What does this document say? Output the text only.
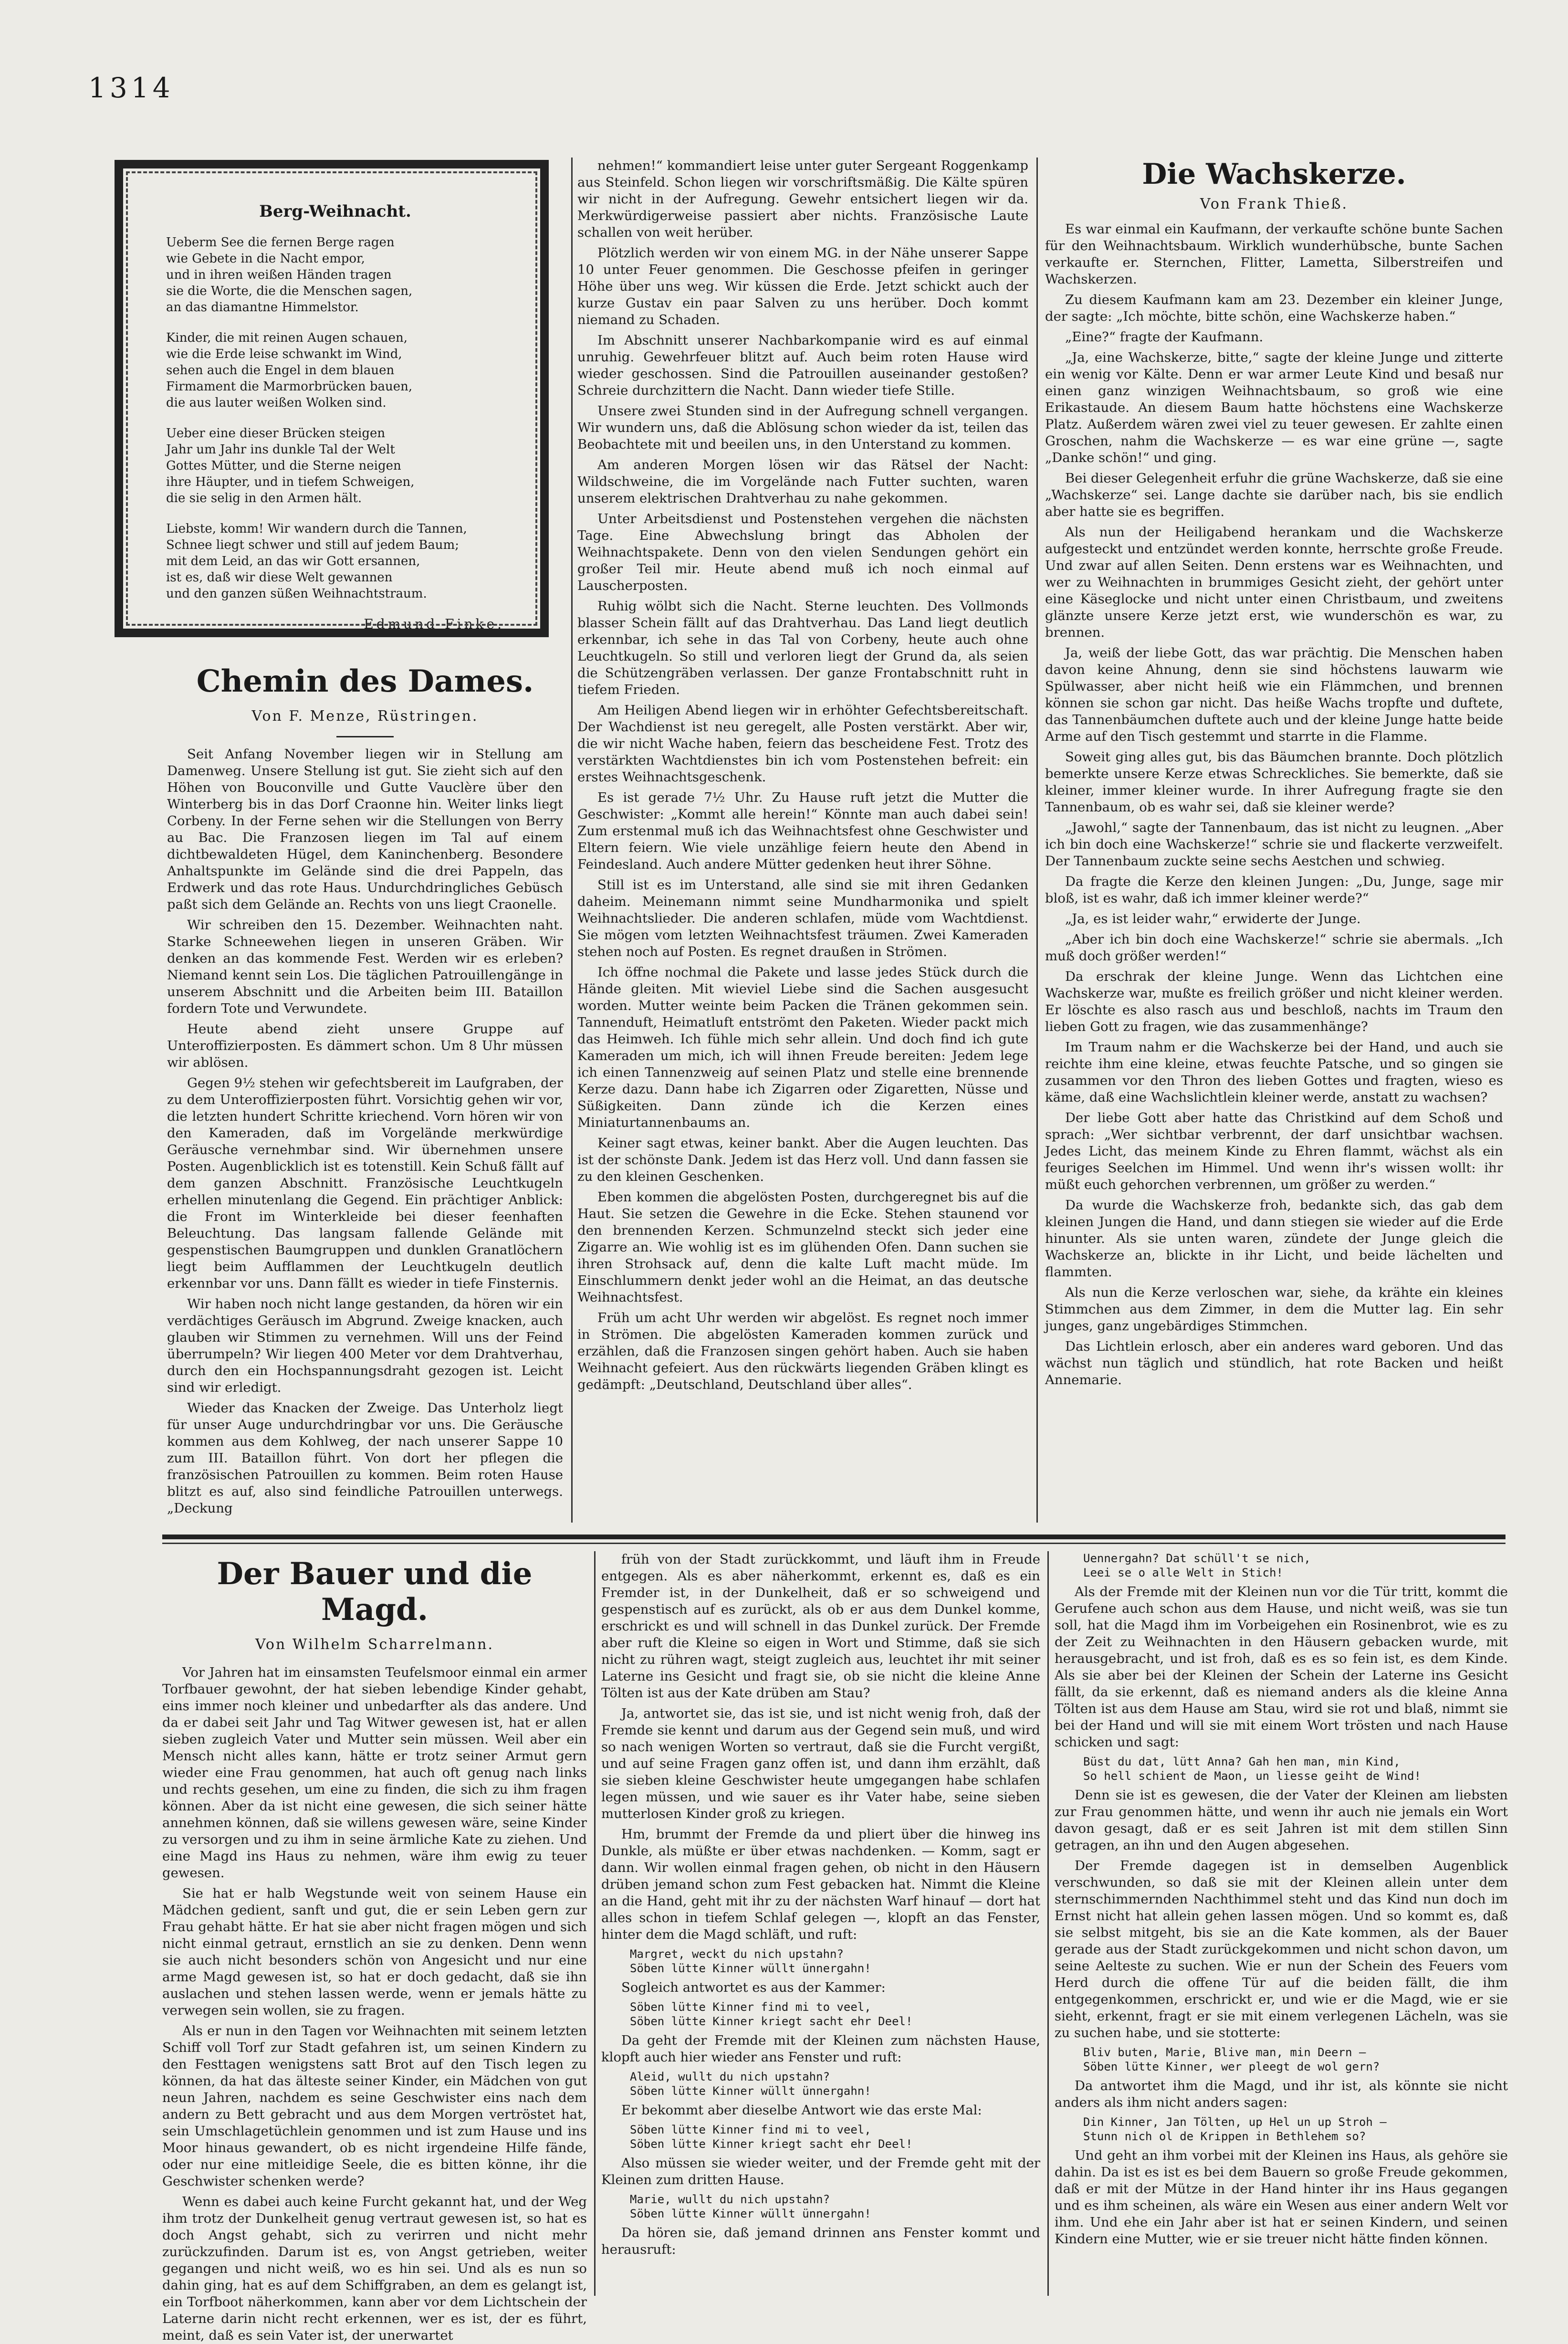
1314
Berg-Weihnacht.
Ueberm See die fernen Berge ragen
wie Gebete in die Nacht empor,
und in ihren weißen Händen tragen
sie die Worte, die die Menschen sagen,
an das diamantne Himmelstor.
Kinder, die mit reinen Augen schauen,
wie die Erde leise schwankt im Wind,
sehen auch die Engel in dem blauen
Firmament die Marmorbrücken bauen,
die aus lauter weißen Wolken sind.
Ueber eine dieser Brücken steigen
Jahr um Jahr ins dunkle Tal der Welt
Gottes Mütter, und die Sterne neigen
ihre Häupter, und in tiefem Schweigen,
die sie selig in den Armen hält.
Liebste, komm! Wir wandern durch die Tannen,
Schnee liegt schwer und still auf jedem Baum;
mit dem Leid, an das wir Gott ersannen,
ist es, daß wir diese Welt gewannen
und den ganzen süßen Weihnachtstraum.
Edmund Finke.
Chemin des Dames.
Von F. Menze, Rüstringen.

Seit Anfang November liegen wir in Stellung am Damenweg. Unsere Stellung ist gut. Sie zieht sich auf den Höhen von Bouconville und Gutte Vauclère über den Winterberg bis in das Dorf Craonne hin. Weiter links liegt Corbeny. In der Ferne sehen wir die Stellungen von Berry au Bac. Die Franzosen liegen im Tal auf einem dichtbewaldeten Hügel, dem Kaninchenberg. Besondere Anhaltspunkte im Gelände sind die drei Pappeln, das Erdwerk und das rote Haus. Undurchdringliches Gebüsch paßt sich dem Gelände an. Rechts von uns liegt Craonelle.

Wir schreiben den 15. Dezember. Weihnachten naht. Starke Schneewehen liegen in unseren Gräben. Wir denken an das kommende Fest. Werden wir es erleben? Niemand kennt sein Los. Die täglichen Patrouillengänge in unserem Abschnitt und die Arbeiten beim III. Bataillon fordern Tote und Verwundete.

Heute abend zieht unsere Gruppe auf Unteroffizierposten. Es dämmert schon. Um 8 Uhr müssen wir ablösen.

Gegen 9½ stehen wir gefechtsbereit im Laufgraben, der zu dem Unteroffizierposten führt. Vorsichtig gehen wir vor, die letzten hundert Schritte kriechend. Vorn hören wir von den Kameraden, daß im Vorgelände merkwürdige Geräusche vernehmbar sind. Wir übernehmen unsere Posten. Augenblicklich ist es totenstill. Kein Schuß fällt auf dem ganzen Abschnitt. Französische Leuchtkugeln erhellen minutenlang die Gegend. Ein prächtiger Anblick: die Front im Winterkleide bei dieser feenhaften Beleuchtung. Das langsam fallende Gelände mit gespenstischen Baumgruppen und dunklen Granatlöchern liegt beim Aufflammen der Leuchtkugeln deutlich erkennbar vor uns. Dann fällt es wieder in tiefe Finsternis.

Wir haben noch nicht lange gestanden, da hören wir ein verdächtiges Geräusch im Abgrund. Zweige knacken, auch glauben wir Stimmen zu vernehmen. Will uns der Feind überrumpeln? Wir liegen 400 Meter vor dem Drahtverhau, durch den ein Hochspannungsdraht gezogen ist. Leicht sind wir erledigt.

Wieder das Knacken der Zweige. Das Unterholz liegt für unser Auge undurchdringbar vor uns. Die Geräusche kommen aus dem Kohlweg, der nach unserer Sappe 10 zum III. Bataillon führt. Von dort her pflegen die französischen Patrouillen zu kommen. Beim roten Hause blitzt es auf, also sind feindliche Patrouillen unterwegs. „Deckung

nehmen!“ kommandiert leise unter guter Sergeant Roggenkamp aus Steinfeld. Schon liegen wir vorschriftsmäßig. Die Kälte spüren wir nicht in der Aufregung. Gewehr entsichert liegen wir da. Merkwürdigerweise passiert aber nichts. Französische Laute schallen von weit herüber.

Plötzlich werden wir von einem MG. in der Nähe unserer Sappe 10 unter Feuer genommen. Die Geschosse pfeifen in geringer Höhe über uns weg. Wir küssen die Erde. Jetzt schickt auch der kurze Gustav ein paar Salven zu uns herüber. Doch kommt niemand zu Schaden.

Im Abschnitt unserer Nachbarkompanie wird es auf einmal unruhig. Gewehrfeuer blitzt auf. Auch beim roten Hause wird wieder geschossen. Sind die Patrouillen auseinander gestoßen? Schreie durchzittern die Nacht. Dann wieder tiefe Stille.

Unsere zwei Stunden sind in der Aufregung schnell vergangen. Wir wundern uns, daß die Ablösung schon wieder da ist, teilen das Beobachtete mit und beeilen uns, in den Unterstand zu kommen.

Am anderen Morgen lösen wir das Rätsel der Nacht: Wildschweine, die im Vorgelände nach Futter suchten, waren unserem elektrischen Drahtverhau zu nahe gekommen.

Unter Arbeitsdienst und Postenstehen vergehen die nächsten Tage. Eine Abwechslung bringt das Abholen der Weihnachtspakete. Denn von den vielen Sendungen gehört ein großer Teil mir. Heute abend muß ich noch einmal auf Lauscherposten.

Ruhig wölbt sich die Nacht. Sterne leuchten. Des Vollmonds blasser Schein fällt auf das Drahtverhau. Das Land liegt deutlich erkennbar, ich sehe in das Tal von Corbeny, heute auch ohne Leuchtkugeln. So still und verloren liegt der Grund da, als seien die Schützengräben verlassen. Der ganze Frontabschnitt ruht in tiefem Frieden.

Am Heiligen Abend liegen wir in erhöhter Gefechtsbereitschaft. Der Wachdienst ist neu geregelt, alle Posten verstärkt. Aber wir, die wir nicht Wache haben, feiern das bescheidene Fest. Trotz des verstärkten Wachtdienstes bin ich vom Postenstehen befreit: ein erstes Weihnachtsgeschenk.

Es ist gerade 7½ Uhr. Zu Hause ruft jetzt die Mutter die Geschwister: „Kommt alle herein!“ Könnte man auch dabei sein! Zum erstenmal muß ich das Weihnachtsfest ohne Geschwister und Eltern feiern. Wie viele unzählige feiern heute den Abend in Feindesland. Auch andere Mütter gedenken heut ihrer Söhne.

Still ist es im Unterstand, alle sind sie mit ihren Gedanken daheim. Meinemann nimmt seine Mundharmonika und spielt Weihnachtslieder. Die anderen schlafen, müde vom Wachtdienst. Sie mögen vom letzten Weihnachtsfest träumen. Zwei Kameraden stehen noch auf Posten. Es regnet draußen in Strömen.

Ich öffne nochmal die Pakete und lasse jedes Stück durch die Hände gleiten. Mit wieviel Liebe sind die Sachen ausgesucht worden. Mutter weinte beim Packen die Tränen gekommen sein. Tannenduft, Heimatluft entströmt den Paketen. Wieder packt mich das Heimweh. Ich fühle mich sehr allein. Und doch find ich gute Kameraden um mich, ich will ihnen Freude bereiten: Jedem lege ich einen Tannenzweig auf seinen Platz und stelle eine brennende Kerze dazu. Dann habe ich Zigarren oder Zigaretten, Nüsse und Süßigkeiten. Dann zünde ich die Kerzen eines Miniaturtannenbaums an.

Keiner sagt etwas, keiner bankt. Aber die Augen leuchten. Das ist der schönste Dank. Jedem ist das Herz voll. Und dann fassen sie zu den kleinen Geschenken.

Eben kommen die abgelösten Posten, durchgeregnet bis auf die Haut. Sie setzen die Gewehre in die Ecke. Stehen staunend vor den brennenden Kerzen. Schmunzelnd steckt sich jeder eine Zigarre an. Wie wohlig ist es im glühenden Ofen. Dann suchen sie ihren Strohsack auf, denn die kalte Luft macht müde. Im Einschlummern denkt jeder wohl an die Heimat, an das deutsche Weihnachtsfest.

Früh um acht Uhr werden wir abgelöst. Es regnet noch immer in Strömen. Die abgelösten Kameraden kommen zurück und erzählen, daß die Franzosen singen gehört haben. Auch sie haben Weihnacht gefeiert. Aus den rückwärts liegenden Gräben klingt es gedämpft: „Deutschland, Deutschland über alles“.

Die Wachskerze.
Von Frank Thieß.

Es war einmal ein Kaufmann, der verkaufte schöne bunte Sachen für den Weihnachtsbaum. Wirklich wunderhübsche, bunte Sachen verkaufte er. Sternchen, Flitter, Lametta, Silberstreifen und Wachskerzen.

Zu diesem Kaufmann kam am 23. Dezember ein kleiner Junge, der sagte: „Ich möchte, bitte schön, eine Wachskerze haben.“

„Eine?“ fragte der Kaufmann.

„Ja, eine Wachskerze, bitte,“ sagte der kleine Junge und zitterte ein wenig vor Kälte. Denn er war armer Leute Kind und besaß nur einen ganz winzigen Weihnachtsbaum, so groß wie eine Erikastaude. An diesem Baum hatte höchstens eine Wachskerze Platz. Außerdem wären zwei viel zu teuer gewesen. Er zahlte einen Groschen, nahm die Wachskerze — es war eine grüne —, sagte „Danke schön!“ und ging.

Bei dieser Gelegenheit erfuhr die grüne Wachskerze, daß sie eine „Wachskerze“ sei. Lange dachte sie darüber nach, bis sie endlich aber hatte sie es begriffen.

Als nun der Heiligabend herankam und die Wachskerze aufgesteckt und entzündet werden konnte, herrschte große Freude. Und zwar auf allen Seiten. Denn erstens war es Weihnachten, und wer zu Weihnachten in brummiges Gesicht zieht, der gehört unter eine Käseglocke und nicht unter einen Christbaum, und zweitens glänzte unsere Kerze jetzt erst, wie wunderschön es war, zu brennen.

Ja, weiß der liebe Gott, das war prächtig. Die Menschen haben davon keine Ahnung, denn sie sind höchstens lauwarm wie Spülwasser, aber nicht heiß wie ein Flämmchen, und brennen können sie schon gar nicht. Das heiße Wachs tropfte und duftete, das Tannenbäumchen duftete auch und der kleine Junge hatte beide Arme auf den Tisch gestemmt und starrte in die Flamme.

Soweit ging alles gut, bis das Bäumchen brannte. Doch plötzlich bemerkte unsere Kerze etwas Schreckliches. Sie bemerkte, daß sie kleiner, immer kleiner wurde. In ihrer Aufregung fragte sie den Tannenbaum, ob es wahr sei, daß sie kleiner werde?

„Jawohl,“ sagte der Tannenbaum, das ist nicht zu leugnen. „Aber ich bin doch eine Wachskerze!“ schrie sie und flackerte verzweifelt. Der Tannenbaum zuckte seine sechs Aestchen und schwieg.

Da fragte die Kerze den kleinen Jungen: „Du, Junge, sage mir bloß, ist es wahr, daß ich immer kleiner werde?“

„Ja, es ist leider wahr,“ erwiderte der Junge.

„Aber ich bin doch eine Wachskerze!“ schrie sie abermals. „Ich muß doch größer werden!“

Da erschrak der kleine Junge. Wenn das Lichtchen eine Wachskerze war, mußte es freilich größer und nicht kleiner werden. Er löschte es also rasch aus und beschloß, nachts im Traum den lieben Gott zu fragen, wie das zusammenhänge?

Im Traum nahm er die Wachskerze bei der Hand, und auch sie reichte ihm eine kleine, etwas feuchte Patsche, und so gingen sie zusammen vor den Thron des lieben Gottes und fragten, wieso es käme, daß eine Wachslichtlein kleiner werde, anstatt zu wachsen?

Der liebe Gott aber hatte das Christkind auf dem Schoß und sprach: „Wer sichtbar verbrennt, der darf unsichtbar wachsen. Jedes Licht, das meinem Kinde zu Ehren flammt, wächst als ein feuriges Seelchen im Himmel. Und wenn ihr's wissen wollt: ihr müßt euch gehorchen verbrennen, um größer zu werden.“

Da wurde die Wachskerze froh, bedankte sich, das gab dem kleinen Jungen die Hand, und dann stiegen sie wieder auf die Erde hinunter. Als sie unten waren, zündete der Junge gleich die Wachskerze an, blickte in ihr Licht, und beide lächelten und flammten.

Als nun die Kerze verloschen war, siehe, da krähte ein kleines Stimmchen aus dem Zimmer, in dem die Mutter lag. Ein sehr junges, ganz ungebärdiges Stimmchen.

Das Lichtlein erlosch, aber ein anderes ward geboren. Und das wächst nun täglich und stündlich, hat rote Backen und heißt Annemarie.

Der Bauer und die Magd.
Von Wilhelm Scharrelmann.

Vor Jahren hat im einsamsten Teufelsmoor einmal ein armer Torfbauer gewohnt, der hat sieben lebendige Kinder gehabt, eins immer noch kleiner und unbedarfter als das andere. Und da er dabei seit Jahr und Tag Witwer gewesen ist, hat er allen sieben zugleich Vater und Mutter sein müssen. Weil aber ein Mensch nicht alles kann, hätte er trotz seiner Armut gern wieder eine Frau genommen, hat auch oft genug nach links und rechts gesehen, um eine zu finden, die sich zu ihm fragen können. Aber da ist nicht eine gewesen, die sich seiner hätte annehmen können, daß sie willens gewesen wäre, seine Kinder zu versorgen und zu ihm in seine ärmliche Kate zu ziehen. Und eine Magd ins Haus zu nehmen, wäre ihm ewig zu teuer gewesen.

Sie hat er halb Wegstunde weit von seinem Hause ein Mädchen gedient, sanft und gut, die er sein Leben gern zur Frau gehabt hätte. Er hat sie aber nicht fragen mögen und sich nicht einmal getraut, ernstlich an sie zu denken. Denn wenn sie auch nicht besonders schön von Angesicht und nur eine arme Magd gewesen ist, so hat er doch gedacht, daß sie ihn auslachen und stehen lassen werde, wenn er jemals hätte zu verwegen sein wollen, sie zu fragen.

Als er nun in den Tagen vor Weihnachten mit seinem letzten Schiff voll Torf zur Stadt gefahren ist, um seinen Kindern zu den Festtagen wenigstens satt Brot auf den Tisch legen zu können, da hat das älteste seiner Kinder, ein Mädchen von gut neun Jahren, nachdem es seine Geschwister eins nach dem andern zu Bett gebracht und aus dem Morgen vertröstet hat, sein Umschlagetüchlein genommen und ist zum Hause und ins Moor hinaus gewandert, ob es nicht irgendeine Hilfe fände, oder nur eine mitleidige Seele, die es bitten könne, ihr die Geschwister schenken werde?

Wenn es dabei auch keine Furcht gekannt hat, und der Weg ihm trotz der Dunkelheit genug vertraut gewesen ist, so hat es doch Angst gehabt, sich zu verirren und nicht mehr zurückzufinden. Darum ist es, von Angst getrieben, weiter gegangen und nicht weiß, wo es hin sei. Und als es nun so dahin ging, hat es auf dem Schiffgraben, an dem es gelangt ist, ein Torfboot näherkommen, kann aber vor dem Lichtschein der Laterne darin nicht recht erkennen, wer es ist, der es führt, meint, daß es sein Vater ist, der unerwartet

früh von der Stadt zurückkommt, und läuft ihm in Freude entgegen. Als es aber näherkommt, erkennt es, daß es ein Fremder ist, in der Dunkelheit, daß er so schweigend und gespenstisch auf es zurückt, als ob er aus dem Dunkel komme, erschrickt es und will schnell in das Dunkel zurück. Der Fremde aber ruft die Kleine so eigen in Wort und Stimme, daß sie sich nicht zu rühren wagt, steigt zugleich aus, leuchtet ihr mit seiner Laterne ins Gesicht und fragt sie, ob sie nicht die kleine Anne Tölten ist aus der Kate drüben am Stau?

Ja, antwortet sie, das ist sie, und ist nicht wenig froh, daß der Fremde sie kennt und darum aus der Gegend sein muß, und wird so nach wenigen Worten so vertraut, daß sie die Furcht vergißt, und auf seine Fragen ganz offen ist, und dann ihm erzählt, daß sie sieben kleine Geschwister heute umgegangen habe schlafen legen müssen, und wie sauer es ihr Vater habe, seine sieben mutterlosen Kinder groß zu kriegen.

Hm, brummt der Fremde da und pliert über die hinweg ins Dunkle, als müßte er über etwas nachdenken. — Komm, sagt er dann. Wir wollen einmal fragen gehen, ob nicht in den Häusern drüben jemand schon zum Fest gebacken hat. Nimmt die Kleine an die Hand, geht mit ihr zu der nächsten Warf hinauf — dort hat alles schon in tiefem Schlaf gelegen —, klopft an das Fenster, hinter dem die Magd schläft, und ruft:

Margret, weckt du nich upstahn?
Söben lütte Kinner wüllt ünnergahn!

Sogleich antwortet es aus der Kammer:

Söben lütte Kinner find mi to veel,
Söben lütte Kinner kriegt sacht ehr Deel!

Da geht der Fremde mit der Kleinen zum nächsten Hause, klopft auch hier wieder ans Fenster und ruft:

Aleid, wullt du nich upstahn?
Söben lütte Kinner wüllt ünnergahn!

Er bekommt aber dieselbe Antwort wie das erste Mal:

Söben lütte Kinner find mi to veel,
Söben lütte Kinner kriegt sacht ehr Deel!

Also müssen sie wieder weiter, und der Fremde geht mit der Kleinen zum dritten Hause.

Marie, wullt du nich upstahn?
Söben lütte Kinner wüllt ünnergahn!

Da hören sie, daß jemand drinnen ans Fenster kommt und herausruft:

Uennergahn? Dat schüll't se nich,
Leei se o alle Welt in Stich!

Als der Fremde mit der Kleinen nun vor die Tür tritt, kommt die Gerufene auch schon aus dem Hause, und nicht weiß, was sie tun soll, hat die Magd ihm im Vorbeigehen ein Rosinenbrot, wie es zu der Zeit zu Weihnachten in den Häusern gebacken wurde, mit herausgebracht, und ist froh, daß es es so fein ist, es dem Kinde. Als sie aber bei der Kleinen der Schein der Laterne ins Gesicht fällt, da sie erkennt, daß es niemand anders als die kleine Anna Tölten ist aus dem Hause am Stau, wird sie rot und blaß, nimmt sie bei der Hand und will sie mit einem Wort trösten und nach Hause schicken und sagt:

Büst du dat, lütt Anna? Gah hen man, min Kind,
So hell schient de Maon, un liesse geiht de Wind!

Denn sie ist es gewesen, die der Vater der Kleinen am liebsten zur Frau genommen hätte, und wenn ihr auch nie jemals ein Wort davon gesagt, daß er es seit Jahren ist mit dem stillen Sinn getragen, an ihn und den Augen abgesehen.

Der Fremde dagegen ist in demselben Augenblick verschwunden, so daß sie mit der Kleinen allein unter dem sternschimmernden Nachthimmel steht und das Kind nun doch im Ernst nicht hat allein gehen lassen mögen. Und so kommt es, daß sie selbst mitgeht, bis sie an die Kate kommen, als der Bauer gerade aus der Stadt zurückgekommen und nicht schon davon, um seine Aelteste zu suchen. Wie er nun der Schein des Feuers vom Herd durch die offene Tür auf die beiden fällt, die ihm entgegenkommen, erschrickt er, und wie er die Magd, wie er sie sieht, erkennt, fragt er sie mit einem verlegenen Lächeln, was sie zu suchen habe, und sie stotterte:

Bliv buten, Marie, Blive man, min Deern —
Söben lütte Kinner, wer pleegt de wol gern?

Da antwortet ihm die Magd, und ihr ist, als könnte sie nicht anders als ihm nicht anders sagen:

Din Kinner, Jan Tölten, up Hel un up Stroh —
Stunn nich ol de Krippen in Bethlehem so?

Und geht an ihm vorbei mit der Kleinen ins Haus, als gehöre sie dahin. Da ist es ist es bei dem Bauern so große Freude gekommen, daß er mit der Mütze in der Hand hinter ihr ins Haus gegangen und es ihm scheinen, als wäre ein Wesen aus einer andern Welt vor ihm. Und ehe ein Jahr aber ist hat er seinen Kindern, und seinen Kindern eine Mutter, wie er sie treuer nicht hätte finden können.
